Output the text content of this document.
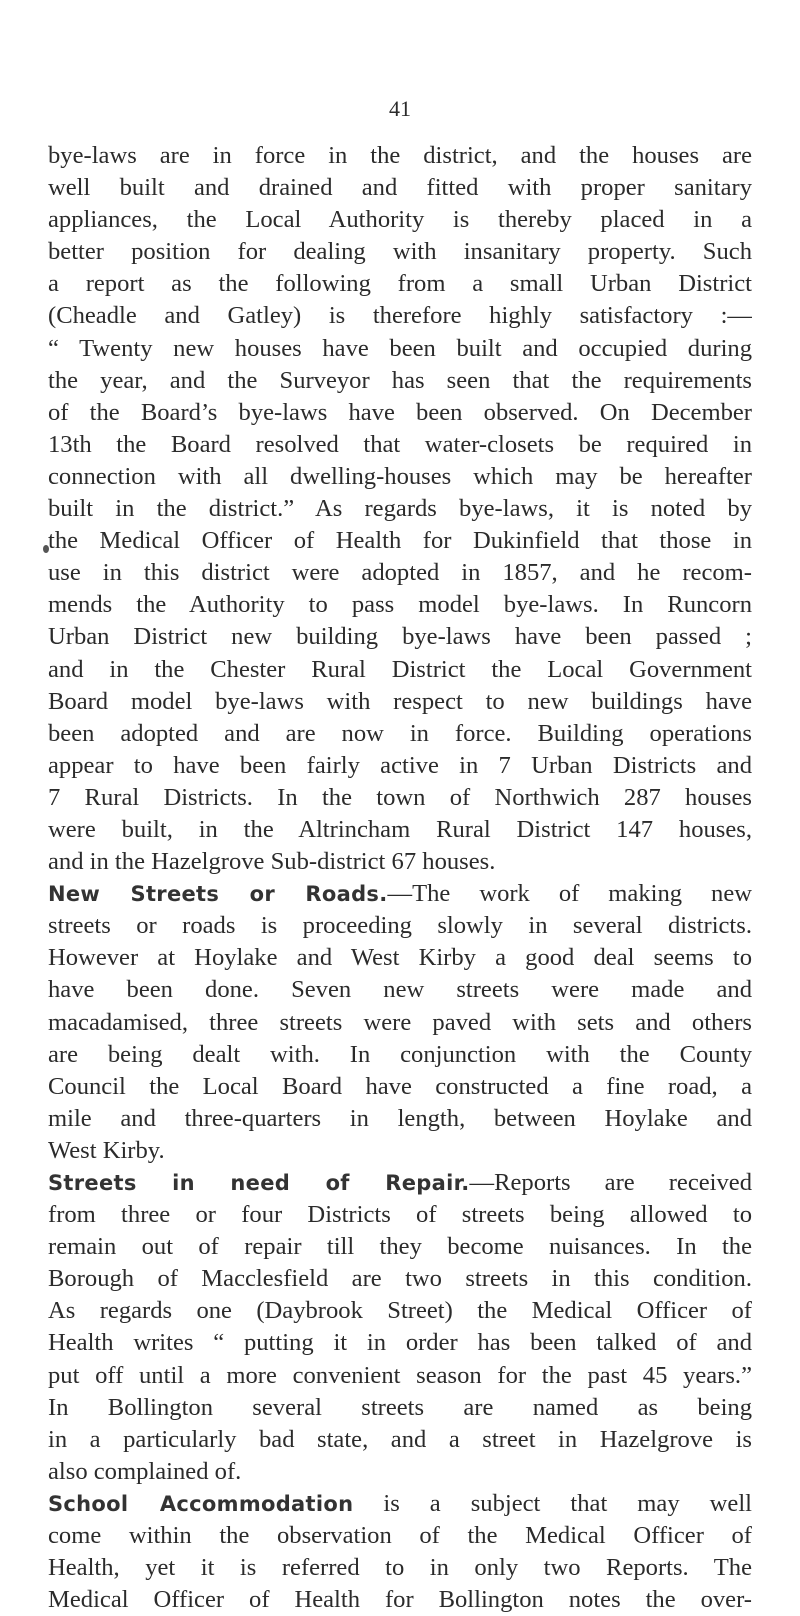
41
bye-laws are in force in the district, and the houses are
well built and drained and fitted with proper sanitary
appliances, the Local Authority is thereby placed in a
better position for dealing with insanitary property. Such
a report as the following from a small Urban District
(Cheadle and Gatley) is therefore highly satisfactory :—
“ Twenty new houses have been built and occupied during
the year, and the Surveyor has seen that the requirements
of the Board’s bye-laws have been observed. On December
13th the Board resolved that water-closets be required in
connection with all dwelling-houses which may be hereafter
built in the district.” As regards bye-laws, it is noted by
the Medical Officer of Health for Dukinfield that those in
use in this district were adopted in 1857, and he recom-
mends the Authority to pass model bye-laws. In Runcorn
Urban District new building bye-laws have been passed ;
and in the Chester Rural District the Local Government
Board model bye-laws with respect to new buildings have
been adopted and are now in force. Building operations
appear to have been fairly active in 7 Urban Districts and
7 Rural Districts. In the town of Northwich 287 houses
were built, in the Altrincham Rural District 147 houses,
and in the Hazelgrove Sub-district 67 houses.
New Streets or Roads.—The work of making new
streets or roads is proceeding slowly in several districts.
However at Hoylake and West Kirby a good deal seems to
have been done. Seven new streets were made and
macadamised, three streets were paved with sets and others
are being dealt with. In conjunction with the County
Council the Local Board have constructed a fine road, a
mile and three-quarters in length, between Hoylake and
West Kirby.
Streets in need of Repair.—Reports are received
from three or four Districts of streets being allowed to
remain out of repair till they become nuisances. In the
Borough of Macclesfield are two streets in this condition.
As regards one (Daybrook Street) the Medical Officer of
Health writes “ putting it in order has been talked of and
put off until a more convenient season for the past 45 years.”
In Bollington several streets are named as being
in a particularly bad state, and a street in Hazelgrove is
also complained of.
School Accommodation is a subject that may well
come within the observation of the Medical Officer of
Health, yet it is referred to in only two Reports. The
Medical Officer of Health for Bollington notes the over-
